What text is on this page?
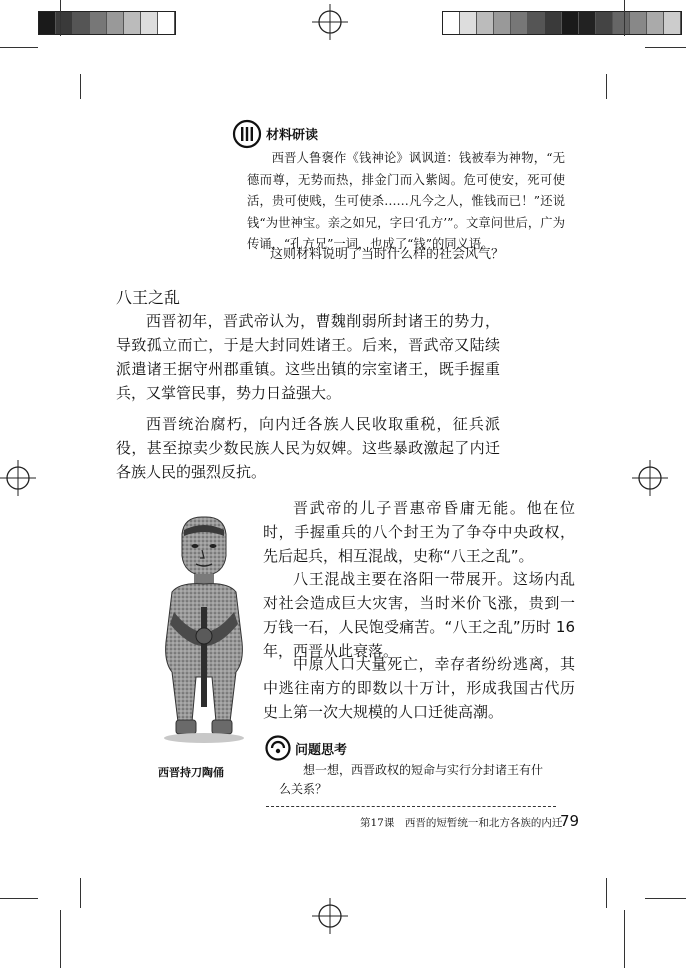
材料研读

西晋人鲁褒作《钱神论》讽讽道：钱被奉为神物，“无德而尊，无势而热，排金门而入紫闼。危可使安，死可使活，贵可使贱，生可使杀……凡今之人，惟钱而已！”还说钱“为世神宝。亲之如兄，字曰‘孔方’”。文章问世后，广为传诵，“孔方兄”一词，也成了“钱”的同义语。

这则材料说明了当时什么样的社会风气？
八王之乱

西晋初年，晋武帝认为，曹魏削弱所封诸王的势力，导致孤立而亡，于是大封同姓诸王。后来，晋武帝又陆续派遣诸王据守州郡重镇。这些出镇的宗室诸王，既手握重兵，又掌管民事，势力日益强大。

西晋统治腐朽，向内迁各族人民收取重税，征兵派役，甚至掠卖少数民族人民为奴婢。这些暴政激起了内迁各族人民的强烈反抗。

晋武帝的儿子晋惠帝昏庸无能。他在位时，手握重兵的八个封王为了争夺中央政权，先后起兵，相互混战，史称“八王之乱”。

八王混战主要在洛阳一带展开。这场内乱对社会造成巨大灾害，当时米价飞涨，贵到一万钱一石，人民饱受痛苦。“八王之乱”历时 16 年，西晋从此衰落。

中原人口大量死亡，幸存者纷纷逃离，其中逃往南方的即数以十万计，形成我国古代历史上第一次大规模的人口迁徙高潮。

西晋持刀陶俑
问题思考

想一想，西晋政权的短命与实行分封诸王有什么关系？

第17课　西晋的短暂统一和北方各族的内迁
79
